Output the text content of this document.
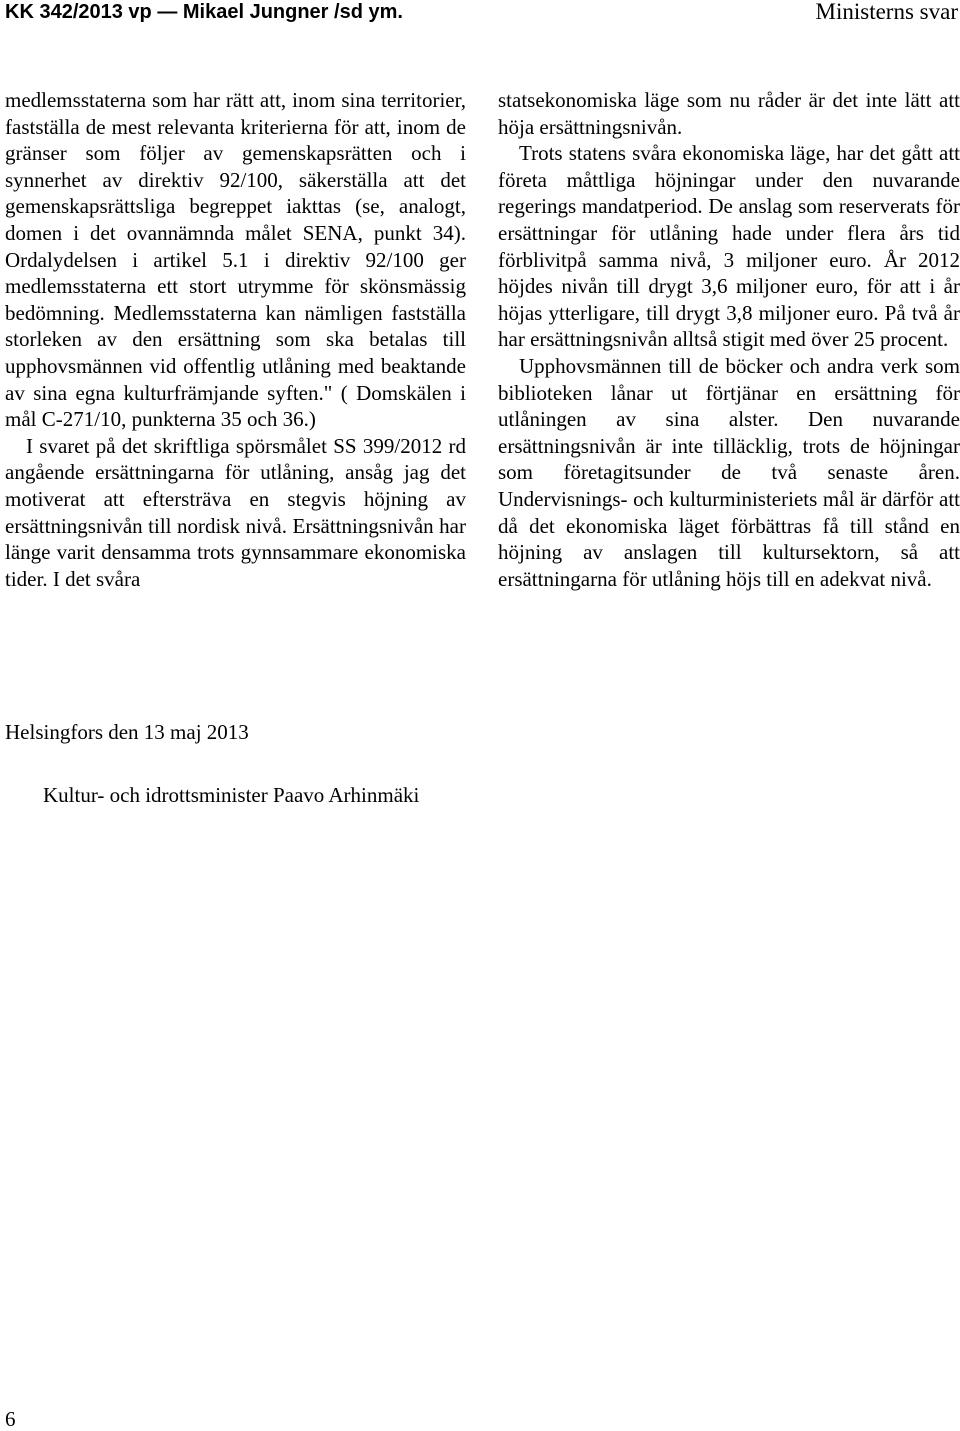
KK 342/2013 vp — Mikael Jungner /sd ym.	Ministerns svar

medlemsstaterna som har rätt att, inom sina territorier, fastställa de mest relevanta kriterierna för att, inom de gränser som följer av gemenskapsrätten och i synnerhet av direktiv 92/100, säkerställa att det gemenskapsrättsliga begreppet iakttas (se, analogt, domen i det ovannämnda målet SENA, punkt 34). Ordalydelsen i artikel 5.1 i direktiv 92/100 ger medlemsstaterna ett stort utrymme för skönsmässig bedömning. Medlemsstaterna kan nämligen fastställa storleken av den ersättning som ska betalas till upphovsmännen vid offentlig utlåning med beaktande av sina egna kulturfrämjande syften." ( Domskälen i mål C-271/10, punkterna 35 och 36.)

I svaret på det skriftliga spörsmålet SS 399/2012 rd angående ersättningarna för utlåning, ansåg jag det motiverat att eftersträva en stegvis höjning av ersättningsnivån till nordisk nivå. Ersättningsnivån har länge varit densamma trots gynnsammare ekonomiska tider. I det svåra

statsekonomiska läge som nu råder är det inte lätt att höja ersättningsnivån.

Trots statens svåra ekonomiska läge, har det gått att företa måttliga höjningar under den nuvarande regerings mandatperiod. De anslag som reserverats för ersättningar för utlåning hade under flera års tid förblivitpå samma nivå, 3 miljoner euro. År 2012 höjdes nivån till drygt 3,6 miljoner euro, för att i år höjas ytterligare, till drygt 3,8 miljoner euro. På två år har ersättningsnivån alltså stigit med över 25 procent.

Upphovsmännen till de böcker och andra verk som biblioteken lånar ut förtjänar en ersättning för utlåningen av sina alster. Den nuvarande ersättningsnivån är inte tilläcklig, trots de höjningar som företagitsunder de två senaste åren. Undervisnings- och kulturministeriets mål är därför att då det ekonomiska läget förbättras få till stånd en höjning av anslagen till kultursektorn, så att ersättningarna för utlåning höjs till en adekvat nivå.

Helsingfors den 13 maj 2013
Kultur- och idrottsminister Paavo Arhinmäki
6
